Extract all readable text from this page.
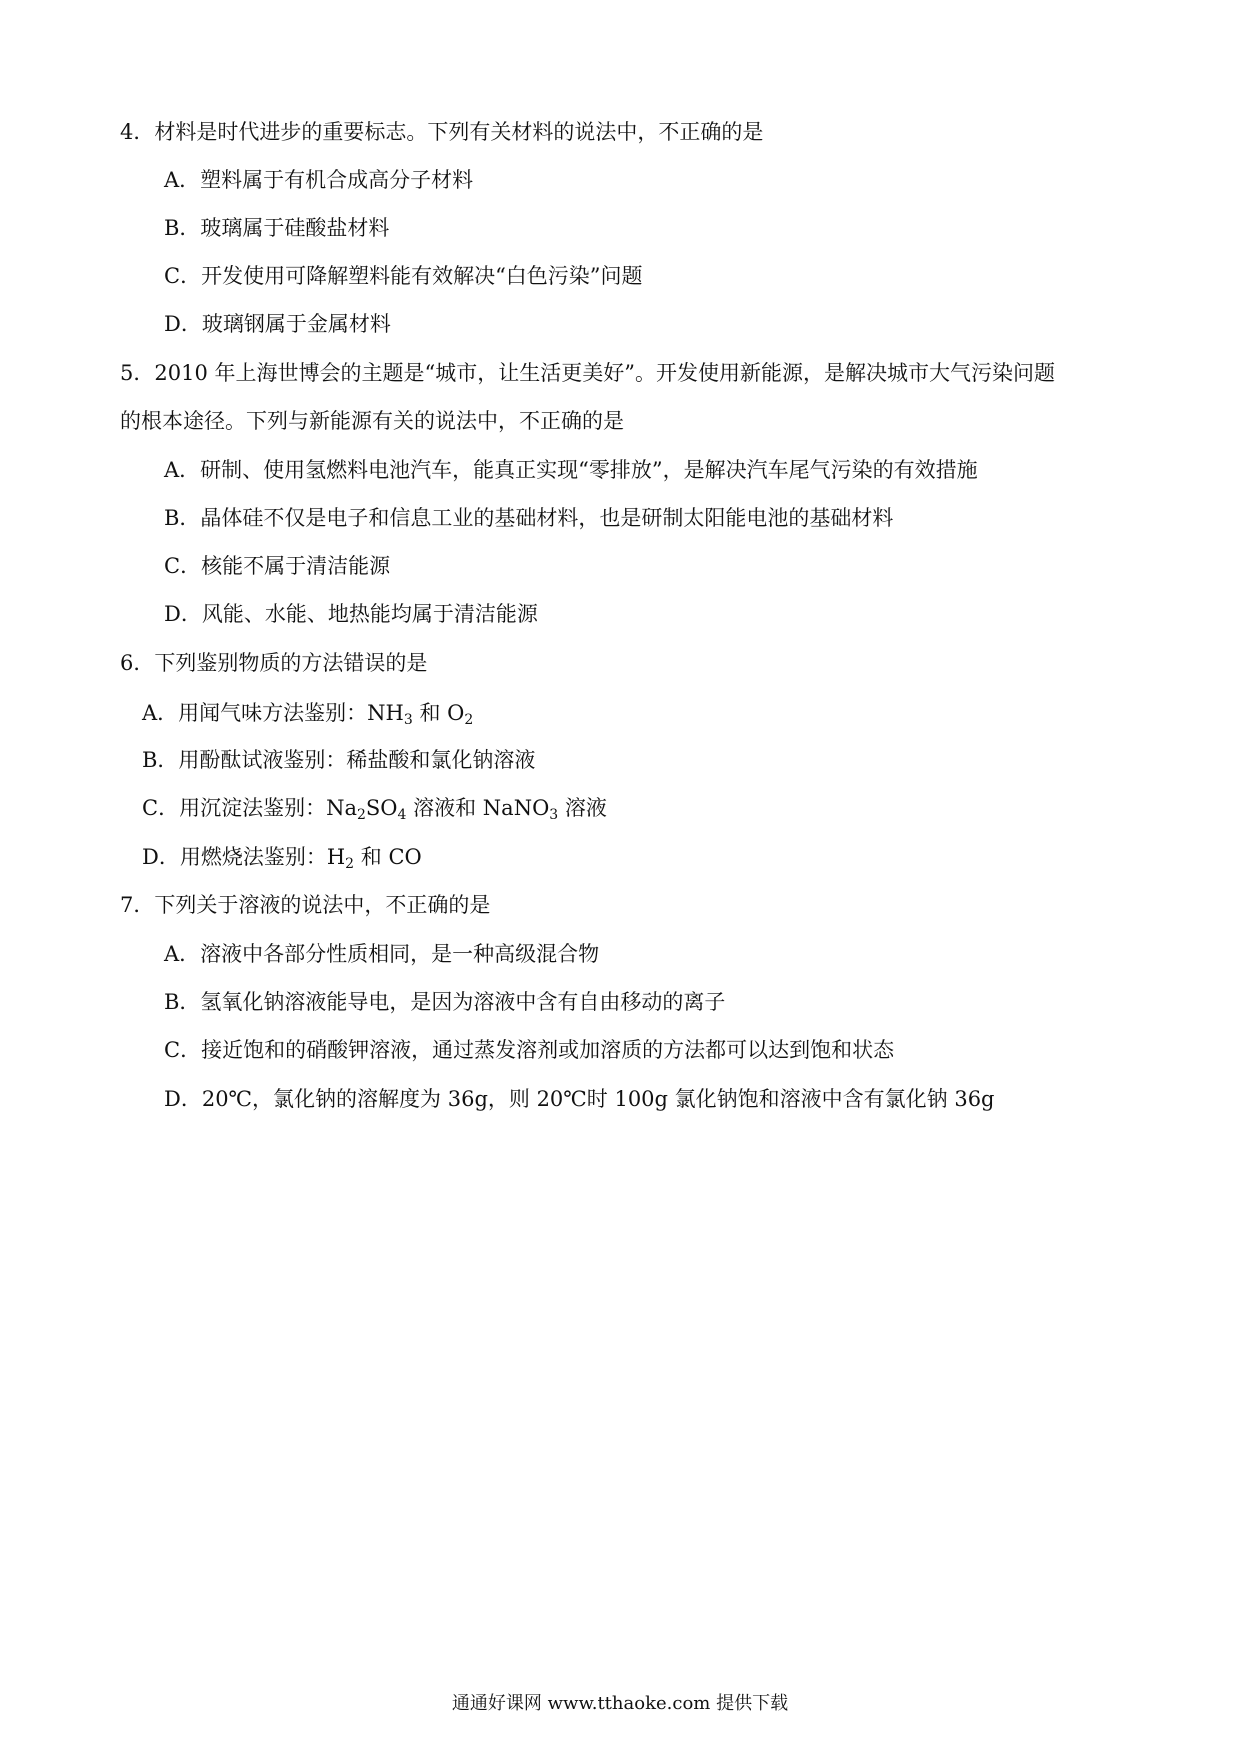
4．材料是时代进步的重要标志。下列有关材料的说法中，不正确的是
A．塑料属于有机合成高分子材料
B．玻璃属于硅酸盐材料
C．开发使用可降解塑料能有效解决“白色污染”问题
D．玻璃钢属于金属材料
5．2010 年上海世博会的主题是“城市，让生活更美好”。开发使用新能源，是解决城市大气污染问题
的根本途径。下列与新能源有关的说法中，不正确的是
A．研制、使用氢燃料电池汽车，能真正实现“零排放”，是解决汽车尾气污染的有效措施
B．晶体硅不仅是电子和信息工业的基础材料，也是研制太阳能电池的基础材料
C．核能不属于清洁能源
D．风能、水能、地热能均属于清洁能源
6．下列鉴别物质的方法错误的是
A．用闻气味方法鉴别：$NH_3$ 和 $O_2$
B．用酚酞试液鉴别：稀盐酸和氯化钠溶液
C．用沉淀法鉴别：$Na_2SO_4$ 溶液和 NaNO$_3$ 溶液
D．用燃烧法鉴别：$H_2$ 和 CO
7．下列关于溶液的说法中，不正确的是
A．溶液中各部分性质相同，是一种高级混合物
B．氢氧化钠溶液能导电，是因为溶液中含有自由移动的离子
C．接近饱和的硝酸钾溶液，通过蒸发溶剂或加溶质的方法都可以达到饱和状态
D．20℃，氯化钠的溶解度为 36g，则 20℃时 100g 氯化钠饱和溶液中含有氯化钠 36g
通通好课网 www.tthaoke.com 提供下载
